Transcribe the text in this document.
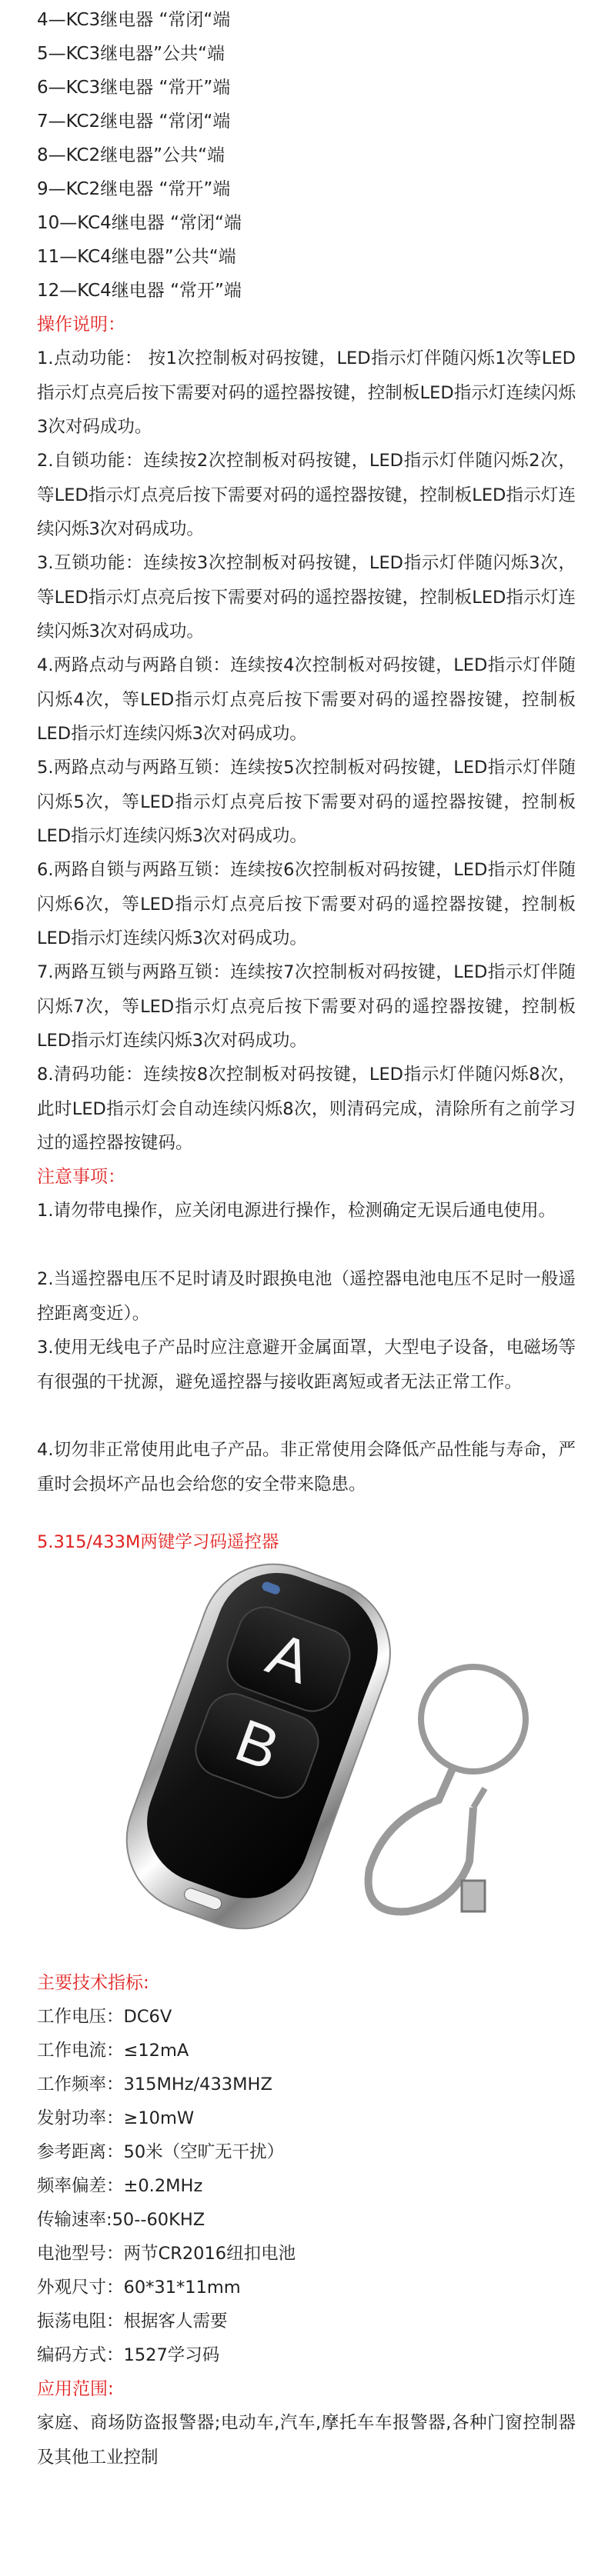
4—KC3继电器 “常闭“端
5—KC3继电器”公共“端
6—KC3继电器 “常开”端
7—KC2继电器 “常闭“端
8—KC2继电器”公共“端
9—KC2继电器 “常开”端
10—KC4继电器 “常闭“端
11—KC4继电器”公共“端
12—KC4继电器 “常开”端
操作说明：
1.点动功能： 按1次控制板对码按键，LED指示灯伴随闪烁1次等LED指示灯点亮后按下需要对码的遥控器按键，控制板LED指示灯连续闪烁3次对码成功。
2.自锁功能：连续按2次控制板对码按键，LED指示灯伴随闪烁2次，等LED指示灯点亮后按下需要对码的遥控器按键，控制板LED指示灯连续闪烁3次对码成功。
3.互锁功能：连续按3次控制板对码按键，LED指示灯伴随闪烁3次，等LED指示灯点亮后按下需要对码的遥控器按键，控制板LED指示灯连续闪烁3次对码成功。
4.两路点动与两路自锁：连续按4次控制板对码按键，LED指示灯伴随闪烁4次，等LED指示灯点亮后按下需要对码的遥控器按键，控制板LED指示灯连续闪烁3次对码成功。
5.两路点动与两路互锁：连续按5次控制板对码按键，LED指示灯伴随闪烁5次，等LED指示灯点亮后按下需要对码的遥控器按键，控制板LED指示灯连续闪烁3次对码成功。
6.两路自锁与两路互锁：连续按6次控制板对码按键，LED指示灯伴随闪烁6次，等LED指示灯点亮后按下需要对码的遥控器按键，控制板LED指示灯连续闪烁3次对码成功。
7.两路互锁与两路互锁：连续按7次控制板对码按键，LED指示灯伴随闪烁7次，等LED指示灯点亮后按下需要对码的遥控器按键，控制板LED指示灯连续闪烁3次对码成功。
8.清码功能：连续按8次控制板对码按键，LED指示灯伴随闪烁8次，此时LED指示灯会自动连续闪烁8次，则清码完成，清除所有之前学习过的遥控器按键码。
注意事项：
1.请勿带电操作，应关闭电源进行操作，检测确定无误后通电使用。
2.当遥控器电压不足时请及时跟换电池（遥控器电池电压不足时一般遥控距离变近）。
3.使用无线电子产品时应注意避开金属面罩，大型电子设备，电磁场等有很强的干扰源，避免遥控器与接收距离短或者无法正常工作。
4.切勿非正常使用此电子产品。非正常使用会降低产品性能与寿命，严重时会损坏产品也会给您的安全带来隐患。
5.315/433M两键学习码遥控器
A
B
主要技术指标:
工作电压：DC6V
工作电流：≤12mA
工作频率：315MHz/433MHZ
发射功率：≥10mW
参考距离：50米（空旷无干扰）
频率偏差：±0.2MHz
传输速率:50--60KHZ
电池型号：两节CR2016纽扣电池
外观尺寸：60*31*11mm
振荡电阻：根据客人需要
编码方式：1527学习码
应用范围:
家庭、商场防盗报警器;电动车,汽车,摩托车车报警器,各种门窗控制器及其他工业控制
